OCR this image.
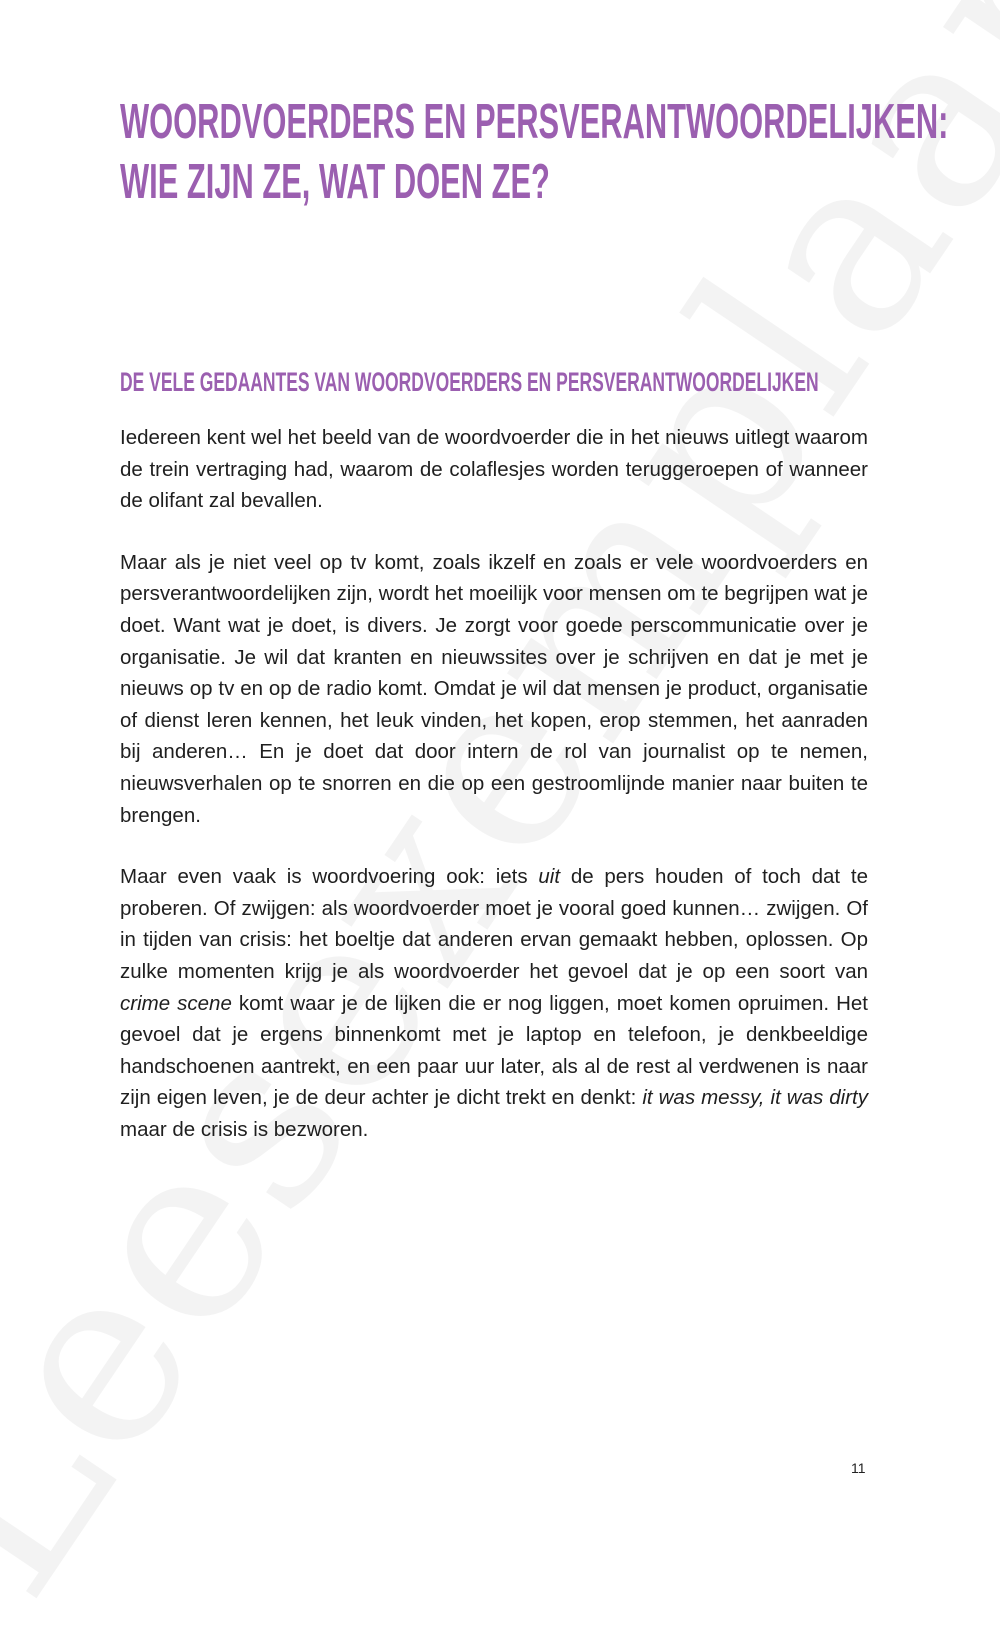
WOORDVOERDERS EN PERSVERANTWOORDELIJKEN:
WIE ZIJN ZE, WAT DOEN ZE?
DE VELE GEDAANTES VAN WOORDVOERDERS EN PERSVERANTWOORDELIJKEN

Iedereen kent wel het beeld van de woordvoerder die in het nieuws uitlegt waarom de trein vertraging had, waarom de colaflesjes worden teruggeroepen of wanneer de olifant zal bevallen.

Maar als je niet veel op tv komt, zoals ikzelf en zoals er vele woordvoerders en persverantwoordelijken zijn, wordt het moeilijk voor mensen om te begrijpen wat je doet. Want wat je doet, is divers. Je zorgt voor goede perscommunicatie over je organisatie. Je wil dat kranten en nieuwssites over je schrijven en dat je met je nieuws op tv en op de radio komt. Omdat je wil dat mensen je product, organisatie of dienst leren kennen, het leuk vinden, het kopen, erop stemmen, het aanraden bij anderen… En je doet dat door intern de rol van journalist op te nemen, nieuwsverhalen op te snorren en die op een gestroomlijnde manier naar buiten te brengen.

Maar even vaak is woordvoering ook: iets uit de pers houden of toch dat te proberen. Of zwijgen: als woordvoerder moet je vooral goed kunnen… zwijgen. Of in tijden van crisis: het boeltje dat anderen ervan gemaakt hebben, oplossen. Op zulke momenten krijg je als woordvoerder het gevoel dat je op een soort van crime scene komt waar je de lijken die er nog liggen, moet komen opruimen. Het gevoel dat je ergens binnenkomt met je laptop en telefoon, je denkbeeldige handschoenen aantrekt, en een paar uur later, als al de rest al verdwenen is naar zijn eigen leven, je de deur achter je dicht trekt en denkt: it was messy, it was dirty maar de crisis is bezworen.

11
